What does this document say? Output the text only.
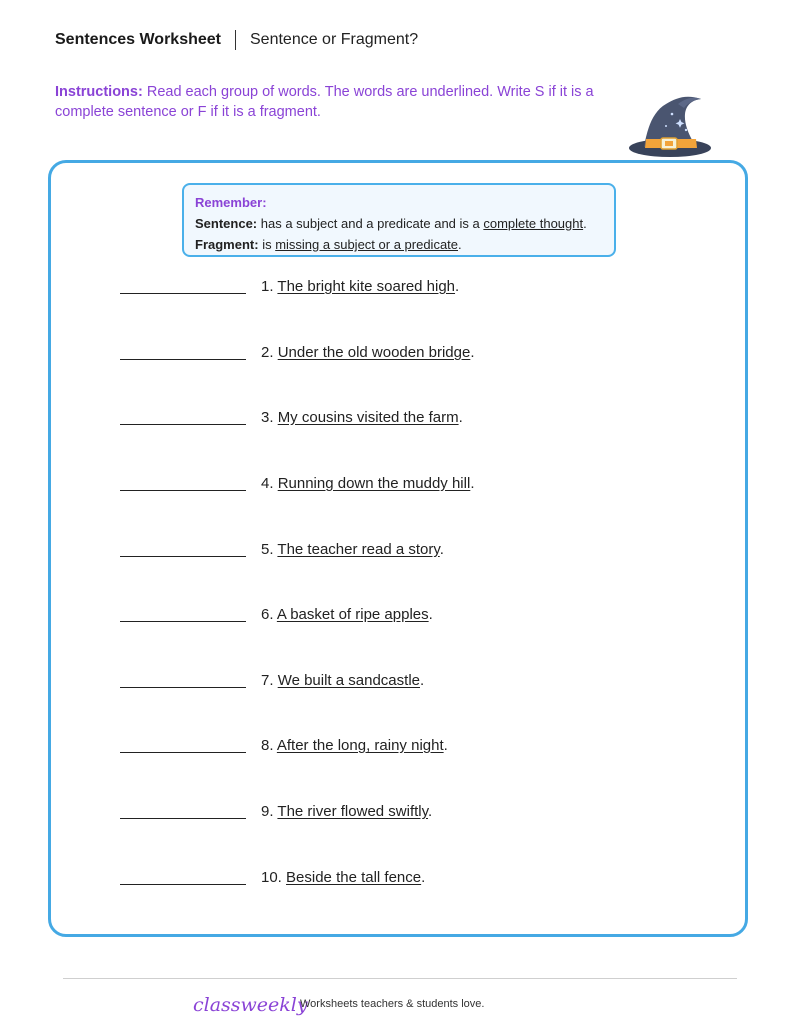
Sentences Worksheet Sentence or Fragment?
Instructions: Read each group of words. The words are underlined. Write S if it is a complete sentence or F if it is a fragment.
Remember:
Sentence: has a subject and a predicate and is a complete thought.
Fragment: is missing a subject or a predicate.
1. The bright kite soared high.
2. Under the old wooden bridge.
3. My cousins visited the farm.
4. Running down the muddy hill.
5. The teacher read a story.
6. A basket of ripe apples.
7. We built a sandcastle.
8. After the long, rainy night.
9. The river flowed swiftly.
10. Beside the tall fence.
classweekly
Worksheets teachers & students love.
